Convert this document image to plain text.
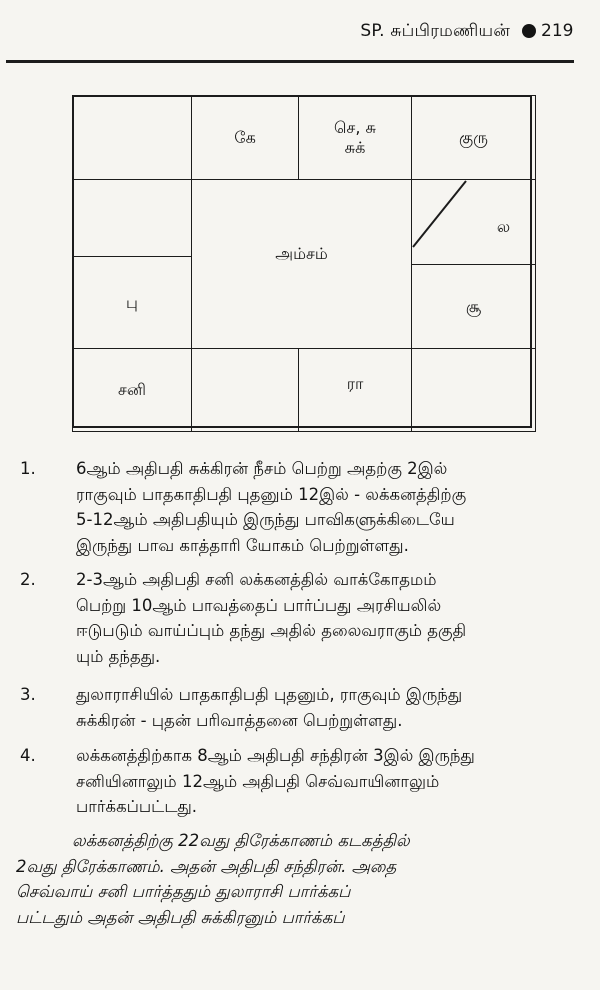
SP. சுப்பிரமணியன் 219
கே
செ, சு
சுக்
குரு
பு
அம்சம்
ல
சூ
சனி	ரா
1. 6ஆம் அதிபதி சுக்கிரன் நீசம் பெற்று அதற்கு 2இல்
ராகுவும் பாதகாதிபதி புதனும் 12இல் - லக்கனத்திற்கு
5-12ஆம் அதிபதியும் இருந்து பாவிகளுக்கிடையே
இருந்து பாவ காத்தாரி யோகம் பெற்றுள்ளது.
2. 2-3ஆம் அதிபதி சனி லக்கனத்தில் வாக்கோதமம்
பெற்று 10ஆம் பாவத்தைப் பார்ப்பது அரசியலில்
ஈடுபடும் வாய்ப்பும் தந்து அதில் தலைவராகும் தகுதி
யும் தந்தது.
3. துலாராசியில் பாதகாதிபதி புதனும், ராகுவும் இருந்து
சுக்கிரன் - புதன் பரிவாத்தனை பெற்றுள்ளது.
4. லக்கனத்திற்காக 8ஆம் அதிபதி சந்திரன் 3இல் இருந்து
சனியினாலும் 12ஆம் அதிபதி செவ்வாயினாலும்
பார்க்கப்பட்டது.
லக்கனத்திற்கு 22வது திரேக்காணம் கடகத்தில்
2வது திரேக்காணம். அதன் அதிபதி சந்திரன். அதை
செவ்வாய் சனி பார்த்ததும் துலாராசி பார்க்கப்
பட்டதும் அதன் அதிபதி சுக்கிரனும் பார்க்கப்
